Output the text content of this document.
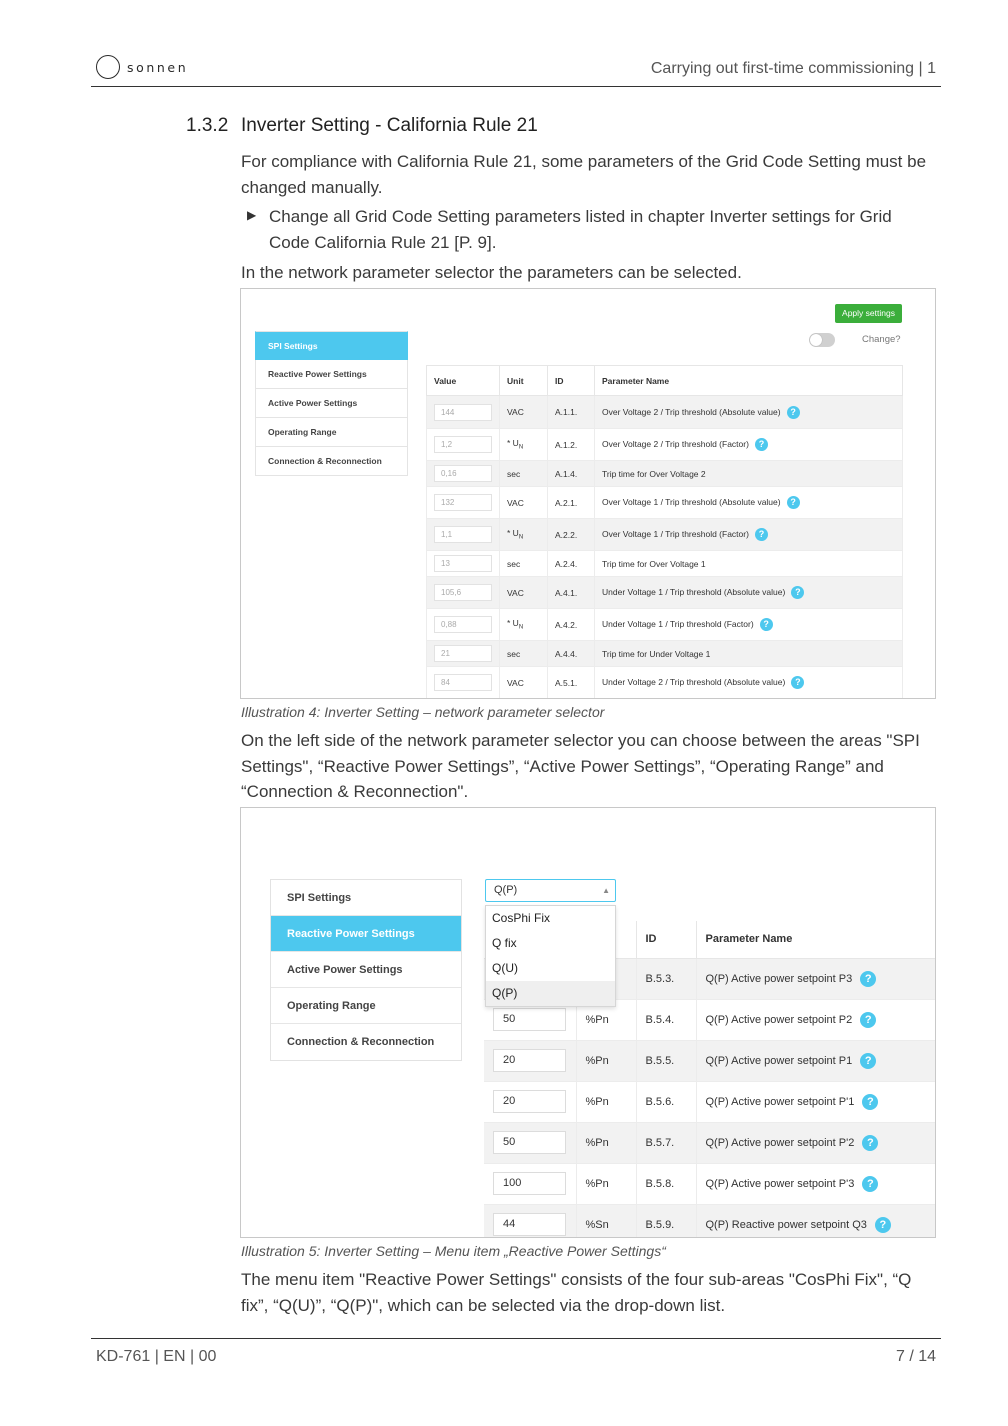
sonnen	Carrying out first-time commissioning | 1
1.3.2 Inverter Setting - California Rule 21
For compliance with California Rule 21, some parameters of the Grid Code Setting must be changed manually.
▶ Change all Grid Code Setting parameters listed in chapter Inverter settings for Grid Code California Rule 21 [P. 9].
In the network parameter selector the parameters can be selected.
Apply settings
Change?
SPI Settings
Reactive Power Settings
Active Power Settings
Operating Range
Connection & Reconnection
Value	Unit	ID	Parameter Name

144	VAC	A.1.1.	Over Voltage 2 / Trip threshold (Absolute value) ?

1,2	* $U_N$	A.1.2.	Over Voltage 2 / Trip threshold (Factor) ?

0,16	sec	A.1.4.	Trip time for Over Voltage 2

132	VAC	A.2.1.	Over Voltage 1 / Trip threshold (Absolute value) ?

1,1	* $U_N$	A.2.2.	Over Voltage 1 / Trip threshold (Factor) ?

13	sec	A.2.4.	Trip time for Over Voltage 1

105,6	VAC	A.4.1.	Under Voltage 1 / Trip threshold (Absolute value) ?

0,88	* $U_N$	A.4.2.	Under Voltage 1 / Trip threshold (Factor) ?

21	sec	A.4.4.	Trip time for Under Voltage 1

84	VAC	A.5.1.	Under Voltage 2 / Trip threshold (Absolute value) ?
Illustration 4: Inverter Setting – network parameter selector
On the left side of the network parameter selector you can choose between the areas "SPI Settings", “Reactive Power Settings”, “Active Power Settings”, “Operating Range” and “Connection & Reconnection".
SPI Settings
Reactive Power Settings
Active Power Settings
Operating Range
Connection & Reconnection
Q(P)	▲
CosPhi Fix
Q fix
Q(U)
Q(P)
		ID	Parameter Name

		B.5.3.	Q(P) Active power setpoint P3 ?

50	%Pn	B.5.4.	Q(P) Active power setpoint P2 ?

20	%Pn	B.5.5.	Q(P) Active power setpoint P1 ?

20	%Pn	B.5.6.	Q(P) Active power setpoint P'1 ?

50	%Pn	B.5.7.	Q(P) Active power setpoint P'2 ?

100	%Pn	B.5.8.	Q(P) Active power setpoint P'3 ?

44	%Sn	B.5.9.	Q(P) Reactive power setpoint Q3 ?
Illustration 5: Inverter Setting – Menu item „Reactive Power Settings“
The menu item "Reactive Power Settings" consists of the four sub-areas "CosPhi Fix", “Q fix”, “Q(U)”, “Q(P)", which can be selected via the drop-down list.
KD-761 | EN | 00	7 / 14
